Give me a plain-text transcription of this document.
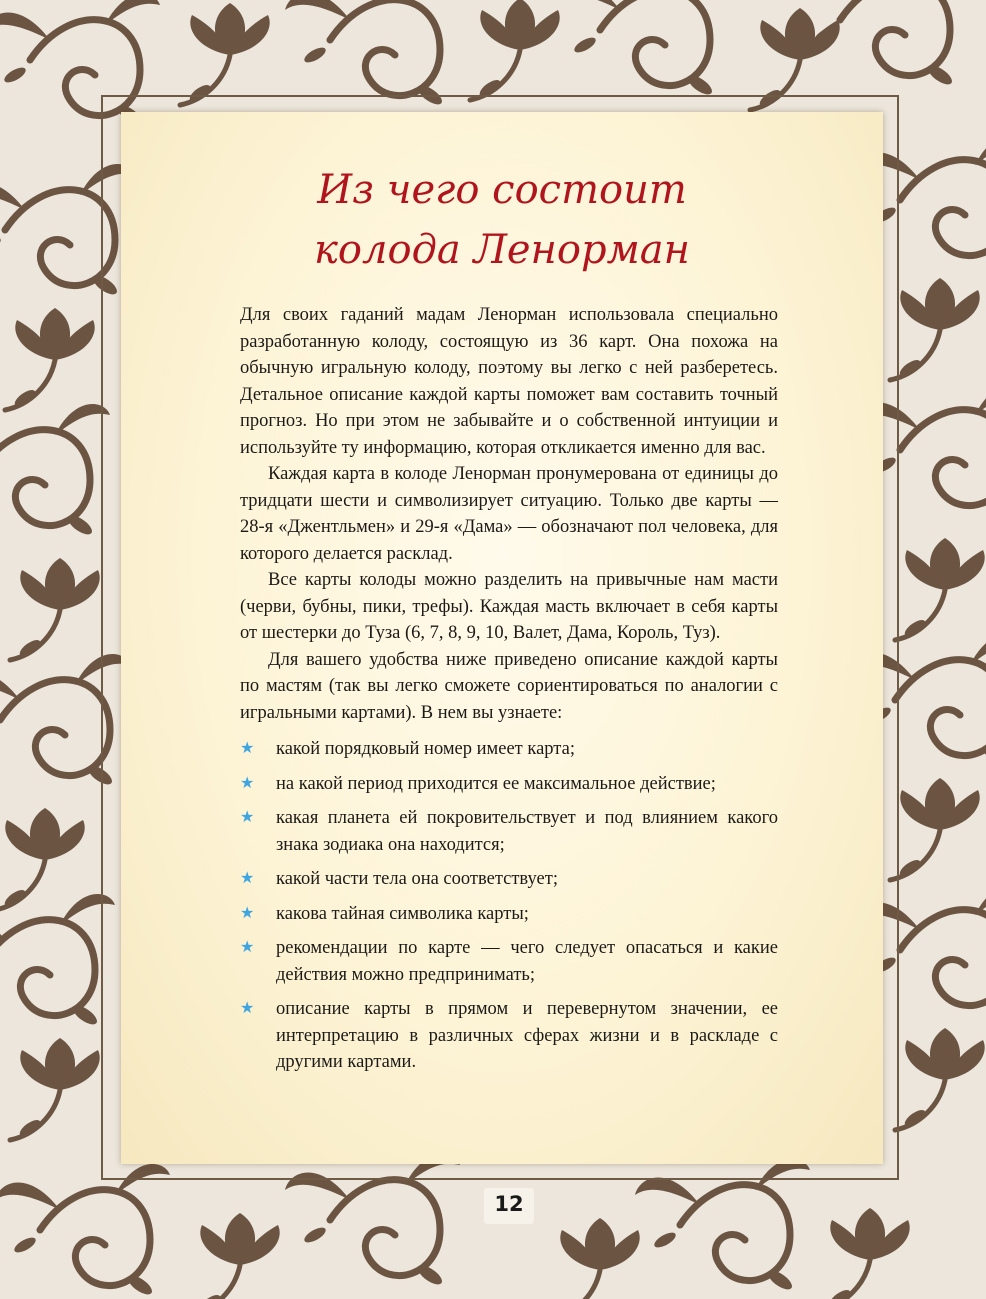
Из чего состоит
колода Ленорман

Для своих гаданий мадам Ленорман использовала специально разработанную колоду, состоящую из 36 карт. Она похожа на обычную игральную колоду, поэтому вы легко с ней разберетесь. Детальное описание каждой карты поможет вам составить точный прогноз. Но при этом не забывайте и о собственной интуиции и используйте ту информацию, которая откликается именно для вас.

Каждая карта в колоде Ленорман пронумерована от единицы до тридцати шести и символизирует ситуацию. Только две карты — 28-я «Джентльмен» и 29-я «Дама» — обозначают пол человека, для которого делается расклад.

Все карты колоды можно разделить на привычные нам масти (черви, бубны, пики, трефы). Каждая масть включает в себя карты от шестерки до Туза (6, 7, 8, 9, 10, Валет, Дама, Король, Туз).

Для вашего удобства ниже приведено описание каждой карты по мастям (так вы легко сможете сориентироваться по аналогии с игральными картами). В нем вы узнаете:

★ какой порядковый номер имеет карта;
★ на какой период приходится ее максимальное действие;
★ какая планета ей покровительствует и под влиянием какого знака зодиака она находится;
★ какой части тела она соответствует;
★ какова тайная символика карты;
★ рекомендации по карте — чего следует опасаться и какие действия можно предпринимать;
★ описание карты в прямом и перевернутом значении, ее интерпретацию в различных сферах жизни и в раскладе с другими картами.
12
